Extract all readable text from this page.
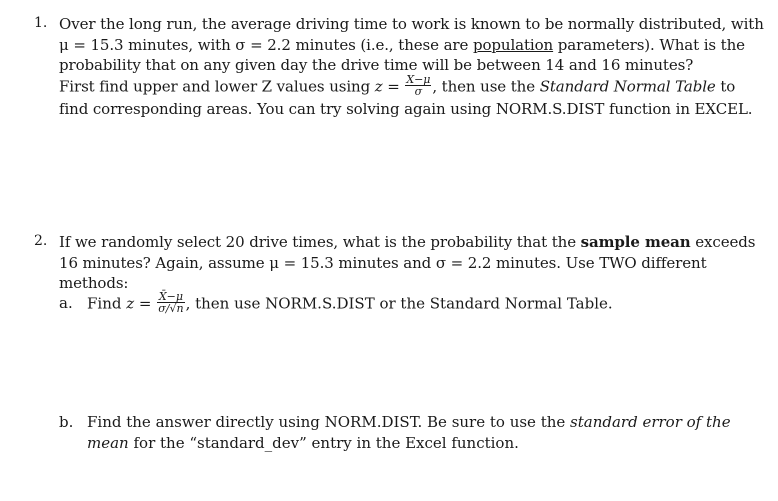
1. Over the long run, the average driving time to work is known to be normally distributed, with
μ = 15.3 minutes, with σ = 2.2 minutes (i.e., these are population parameters). What is the
probability that on any given day the drive time will be between 14 and 16 minutes?
First find upper and lower Z values using $z = \frac{X-\mu}{\sigma}$ , then use the Standard Normal Table to
find corresponding areas. You can try solving again using NORM.S.DIST function in EXCEL.
2. If we randomly select 20 drive times, what is the probability that the sample mean exceeds
16 minutes? Again, assume μ = 15.3 minutes and σ = 2.2 minutes. Use TWO different
methods:
a. Find $z = \frac{X̄-\mu}{\sigma/√n}$ , then use NORM.S.DIST or the Standard Normal Table.
b. Find the answer directly using NORM.DIST. Be sure to use the standard error of the
mean for the “standard_dev” entry in the Excel function.
